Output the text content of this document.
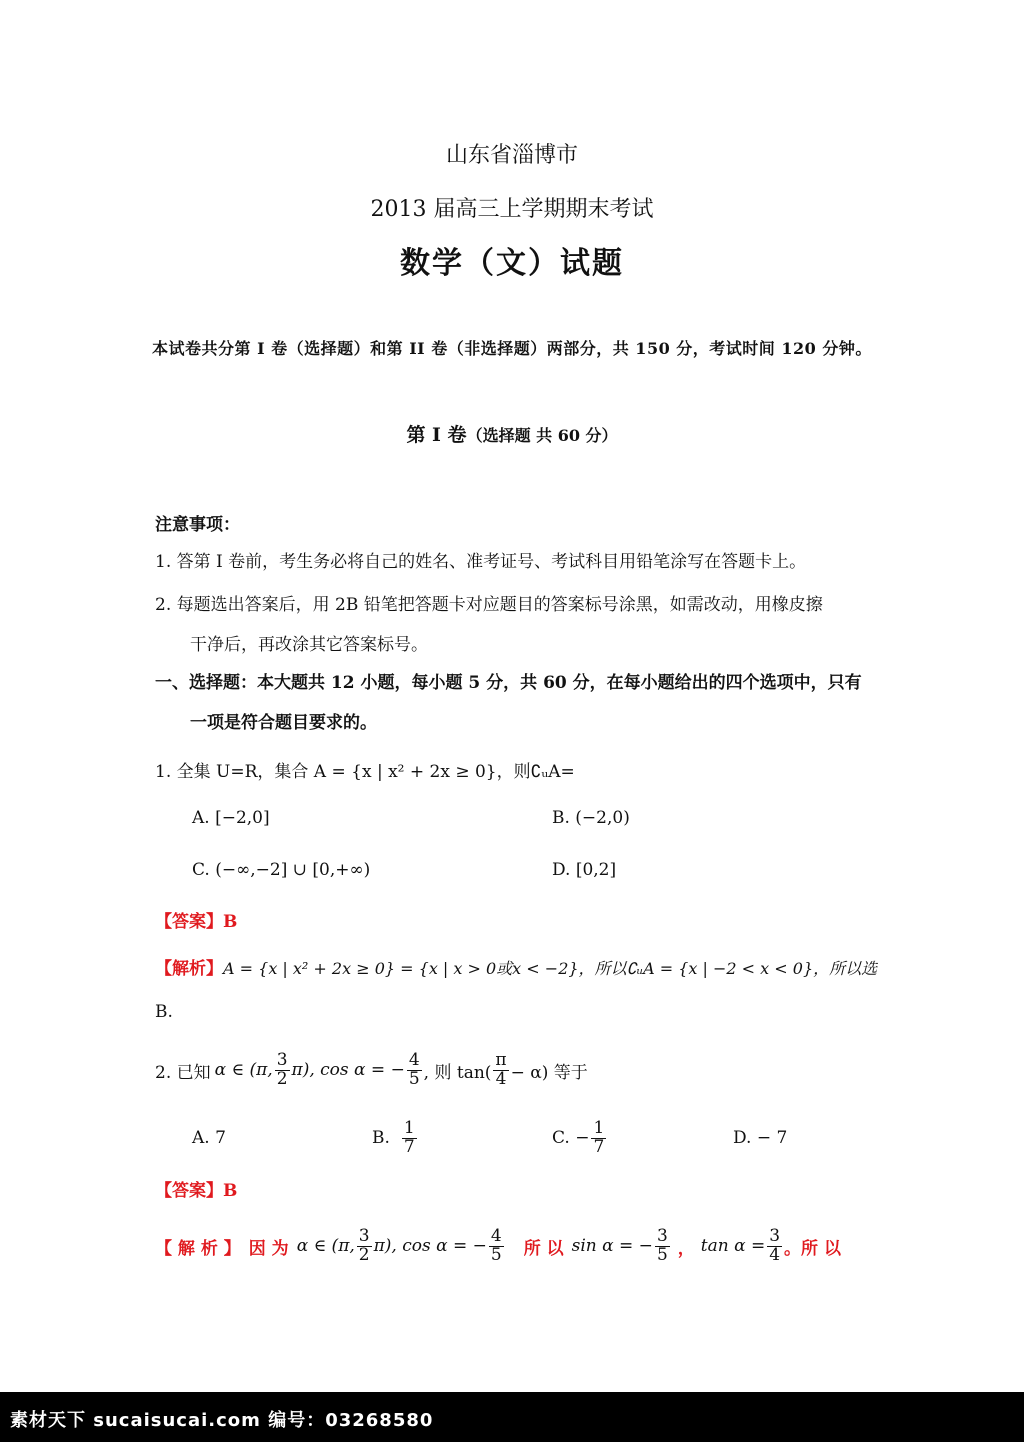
山东省淄博市
2013 届高三上学期期末考试
数学（文）试题
本试卷共分第 I 卷（选择题）和第 II 卷（非选择题）两部分，共 150 分，考试时间 120 分钟。
第 Ⅰ 卷（选择题 共 60 分）
注意事项：
1. 答第 I 卷前，考生务必将自己的姓名、准考证号、考试科目用铅笔涂写在答题卡上。
2. 每题选出答案后，用 2B 铅笔把答题卡对应题目的答案标号涂黑，如需改动，用橡皮擦
干净后，再改涂其它答案标号。
一、选择题：本大题共 12 小题，每小题 5 分，共 60 分，在每小题给出的四个选项中，只有
一项是符合题目要求的。
1. 全集 U=R，集合 A = {x | x² + 2x ≥ 0}，则∁ᵤA=
A. [−2,0]	B. (−2,0)
C. (−∞,−2] ∪ [0,+∞)	D. [0,2]
【答案】B
【解析】A = {x | x² + 2x ≥ 0} = {x | x > 0或x < −2}，所以∁ᵤA = {x | −2 < x < 0}，所以选
B.
2. 已知 α ∈ (π, $\frac{3}{2} \pi$), cos α = − $\frac{4}{5}$ , 则 $\tan( \frac{\pi}{4} - \alpha)$ 等于
A. 7	B. $\frac{1}{7}$	C. − $\frac{1}{7}$	D. − 7
【答案】B
【 解 析 】 因 为 α ∈ (π, $\frac{3}{2} \pi$), cos α = − $\frac{4}{5}$ 所 以 sin α = − $\frac{3}{5}$ ， $\tan \alpha = \frac{3}{4}$ 。所 以
素材天下 sucaisucai.com 编号：03268580
